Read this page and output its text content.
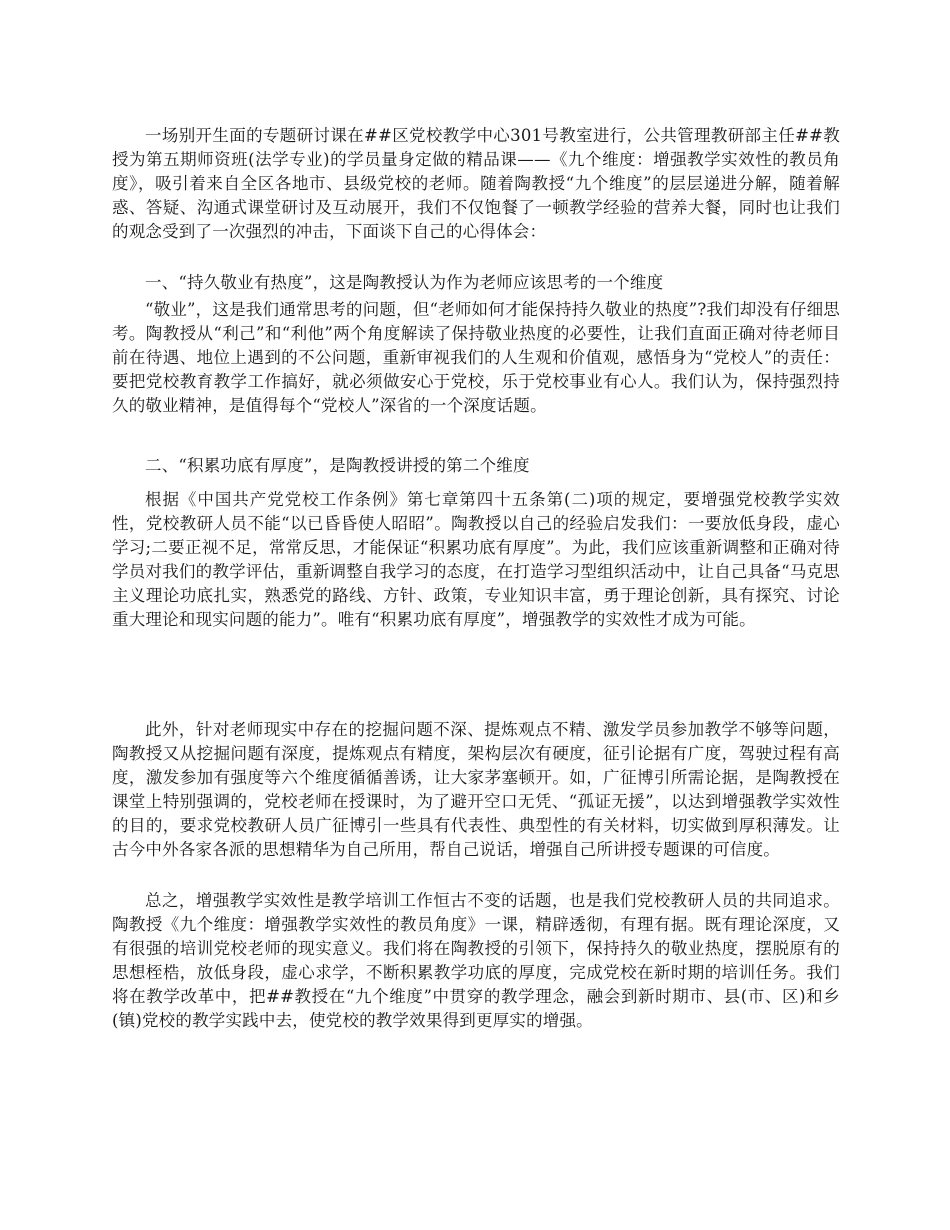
一场别开生面的专题研讨课在##区党校教学中心301号教室进行，公共管理教研部主任##教授为第五期师资班(法学专业)的学员量身定做的精品课——《九个维度：增强教学实效性的教员角度》，吸引着来自全区各地市、县级党校的老师。随着陶教授“九个维度”的层层递进分解，随着解惑、答疑、沟通式课堂研讨及互动展开，我们不仅饱餐了一顿教学经验的营养大餐，同时也让我们的观念受到了一次强烈的冲击，下面谈下自己的心得体会：

一、“持久敬业有热度”，这是陶教授认为作为老师应该思考的一个维度

“敬业”，这是我们通常思考的问题，但“老师如何才能保持持久敬业的热度”?我们却没有仔细思考。陶教授从“利己”和“利他”两个角度解读了保持敬业热度的必要性，让我们直面正确对待老师目前在待遇、地位上遇到的不公问题，重新审视我们的人生观和价值观，感悟身为“党校人”的责任：要把党校教育教学工作搞好，就必须做安心于党校，乐于党校事业有心人。我们认为，保持强烈持久的敬业精神，是值得每个“党校人”深省的一个深度话题。

二、“积累功底有厚度”，是陶教授讲授的第二个维度

根据《中国共产党党校工作条例》第七章第四十五条第(二)项的规定，要增强党校教学实效性，党校教研人员不能“以已昏昏使人昭昭”。陶教授以自己的经验启发我们：一要放低身段，虚心学习;二要正视不足，常常反思，才能保证“积累功底有厚度”。为此，我们应该重新调整和正确对待学员对我们的教学评估，重新调整自我学习的态度，在打造学习型组织活动中，让自己具备“马克思主义理论功底扎实，熟悉党的路线、方针、政策，专业知识丰富，勇于理论创新，具有探究、讨论重大理论和现实问题的能力”。唯有“积累功底有厚度”，增强教学的实效性才成为可能。

此外，针对老师现实中存在的挖掘问题不深、提炼观点不精、激发学员参加教学不够等问题，陶教授又从挖掘问题有深度，提炼观点有精度，架构层次有硬度，征引论据有广度，驾驶过程有高度，激发参加有强度等六个维度循循善诱，让大家茅塞顿开。如，广征博引所需论据，是陶教授在课堂上特别强调的，党校老师在授课时，为了避开空口无凭、“孤证无援”，以达到增强教学实效性的目的，要求党校教研人员广征博引一些具有代表性、典型性的有关材料，切实做到厚积薄发。让古今中外各家各派的思想精华为自己所用，帮自己说话，增强自己所讲授专题课的可信度。

总之，增强教学实效性是教学培训工作恒古不变的话题，也是我们党校教研人员的共同追求。陶教授《九个维度：增强教学实效性的教员角度》一课，精辟透彻，有理有据。既有理论深度，又有很强的培训党校老师的现实意义。我们将在陶教授的引领下，保持持久的敬业热度，摆脱原有的思想桎梏，放低身段，虚心求学，不断积累教学功底的厚度，完成党校在新时期的培训任务。我们将在教学改革中，把##教授在“九个维度”中贯穿的教学理念，融会到新时期市、县(市、区)和乡(镇)党校的教学实践中去，使党校的教学效果得到更厚实的增强。
